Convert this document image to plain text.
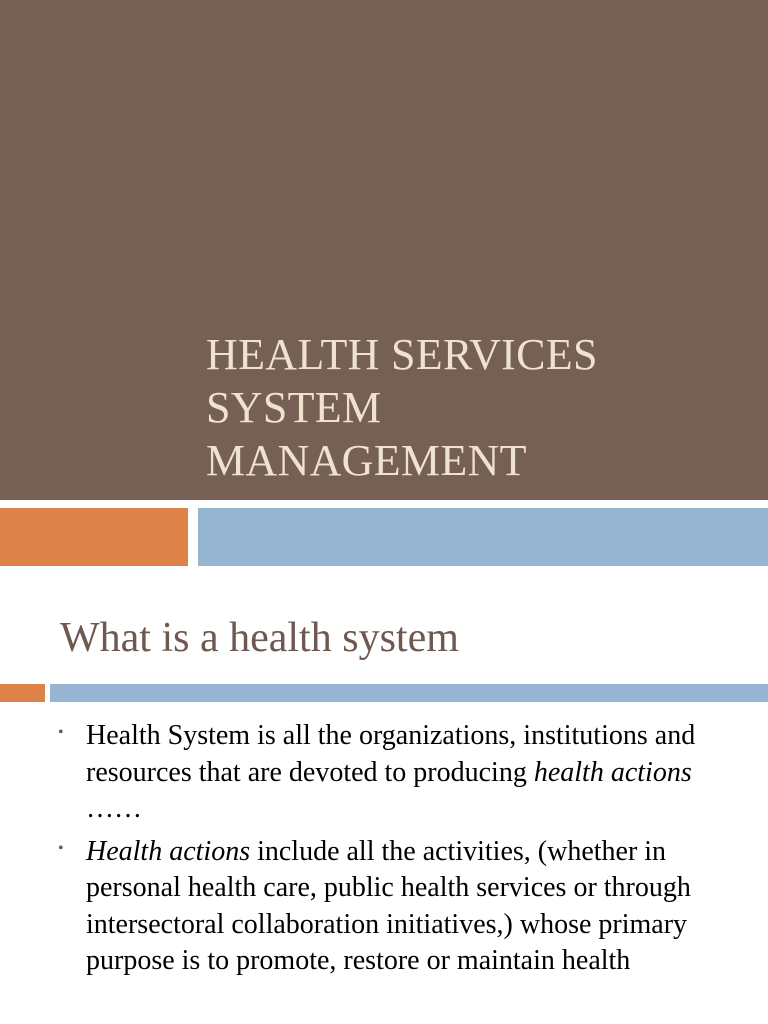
HEALTH SERVICES
SYSTEM
MANAGEMENT
What is a health system
• Health System is all the organizations, institutions and resources that are devoted to producing health actions ……
• Health actions include all the activities, (whether in personal health care, public health services or through intersectoral collaboration initiatives,) whose primary purpose is to promote, restore or maintain health
